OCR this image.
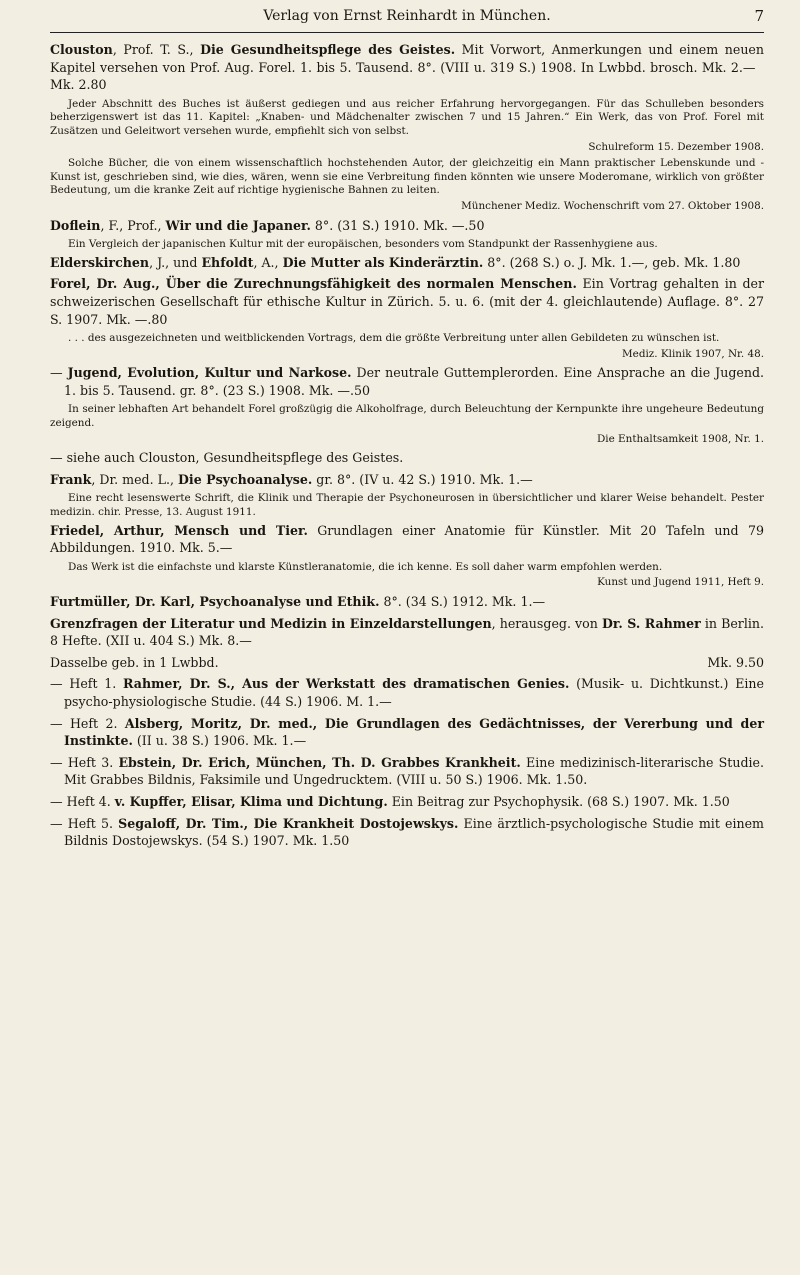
Verlag von Ernst Reinhardt in München.	7
Clouston, Prof. T. S., Die Gesundheitspflege des Geistes. Mit Vorwort, Anmerkungen und einem neuen Kapitel versehen von Prof. Aug. Forel. 1. bis 5. Tausend. 8°. (VIII u. 319 S.) 1908. In Lwbbd. brosch. Mk. 2.—   Mk. 2.80
Jeder Abschnitt des Buches ist äußerst gediegen und aus reicher Erfahrung hervorgegangen. Für das Schulleben besonders beherzigenswert ist das 11. Kapitel: „Knaben- und Mädchenalter zwischen 7 und 15 Jahren.“ Ein Werk, das von Prof. Forel mit Zusätzen und Geleitwort versehen wurde, empfiehlt sich von selbst.
Schulreform 15. Dezember 1908.
Solche Bücher, die von einem wissenschaftlich hochstehenden Autor, der gleichzeitig ein Mann praktischer Lebenskunde und -Kunst ist, geschrieben sind, wie dies, wären, wenn sie eine Verbreitung finden könnten wie unsere Moderomane, wirklich von größter Bedeutung, um die kranke Zeit auf richtige hygienische Bahnen zu leiten.
Münchener Mediz. Wochenschrift vom 27. Oktober 1908.
Doflein, F., Prof., Wir und die Japaner. 8°. (31 S.) 1910. Mk. —.50
Ein Vergleich der japanischen Kultur mit der europäischen, besonders vom Standpunkt der Rassenhygiene aus.
Elderskirchen, J., und Ehfoldt, A., Die Mutter als Kinderärztin. 8°. (268 S.) o. J. Mk. 1.—, geb. Mk. 1.80
Forel, Dr. Aug., Über die Zurechnungsfähigkeit des normalen Menschen. Ein Vortrag gehalten in der schweizerischen Gesellschaft für ethische Kultur in Zürich. 5. u. 6. (mit der 4. gleichlautende) Auflage. 8°. 27 S. 1907. Mk. —.80
. . . des ausgezeichneten und weitblickenden Vortrags, dem die größte Verbreitung unter allen Gebildeten zu wünschen ist.
Mediz. Klinik 1907, Nr. 48.
— Jugend, Evolution, Kultur und Narkose. Der neutrale Guttemplerorden. Eine Ansprache an die Jugend. 1. bis 5. Tausend. gr. 8°. (23 S.) 1908. Mk. —.50
In seiner lebhaften Art behandelt Forel großzügig die Alkoholfrage, durch Beleuchtung der Kernpunkte ihre ungeheure Bedeutung zeigend.
Die Enthaltsamkeit 1908, Nr. 1.
— siehe auch Clouston, Gesundheitspflege des Geistes.
Frank, Dr. med. L., Die Psychoanalyse. gr. 8°. (IV u. 42 S.) 1910. Mk. 1.—
Eine recht lesenswerte Schrift, die Klinik und Therapie der Psychoneurosen in übersichtlicher und klarer Weise behandelt. Pester medizin. chir. Presse, 13. August 1911.
Friedel, Arthur, Mensch und Tier. Grundlagen einer Anatomie für Künstler. Mit 20 Tafeln und 79 Abbildungen. 1910. Mk. 5.—
Das Werk ist die einfachste und klarste Künstleranatomie, die ich kenne. Es soll daher warm empfohlen werden.
Kunst und Jugend 1911, Heft 9.
Furtmüller, Dr. Karl, Psychoanalyse und Ethik. 8°. (34 S.) 1912. Mk. 1.—
Grenzfragen der Literatur und Medizin in Einzeldarstellungen, herausgeg. von Dr. S. Rahmer in Berlin. 8 Hefte. (XII u. 404 S.) Mk. 8.—
Dasselbe geb. in 1 Lwbbd.	Mk. 9.50
— Heft 1. Rahmer, Dr. S., Aus der Werkstatt des dramatischen Genies. (Musik- u. Dichtkunst.) Eine psycho-physiologische Studie. (44 S.) 1906. M. 1.—
— Heft 2. Alsberg, Moritz, Dr. med., Die Grundlagen des Gedächtnisses, der Vererbung und der Instinkte. (II u. 38 S.) 1906. Mk. 1.—
— Heft 3. Ebstein, Dr. Erich, München, Th. D. Grabbes Krankheit. Eine medizinisch-literarische Studie. Mit Grabbes Bildnis, Faksimile und Ungedrucktem. (VIII u. 50 S.) 1906. Mk. 1.50.
— Heft 4. v. Kupffer, Elisar, Klima und Dichtung. Ein Beitrag zur Psychophysik. (68 S.) 1907. Mk. 1.50
— Heft 5. Segaloff, Dr. Tim., Die Krankheit Dostojewskys. Eine ärztlich-psychologische Studie mit einem Bildnis Dostojewskys. (54 S.) 1907. Mk. 1.50
